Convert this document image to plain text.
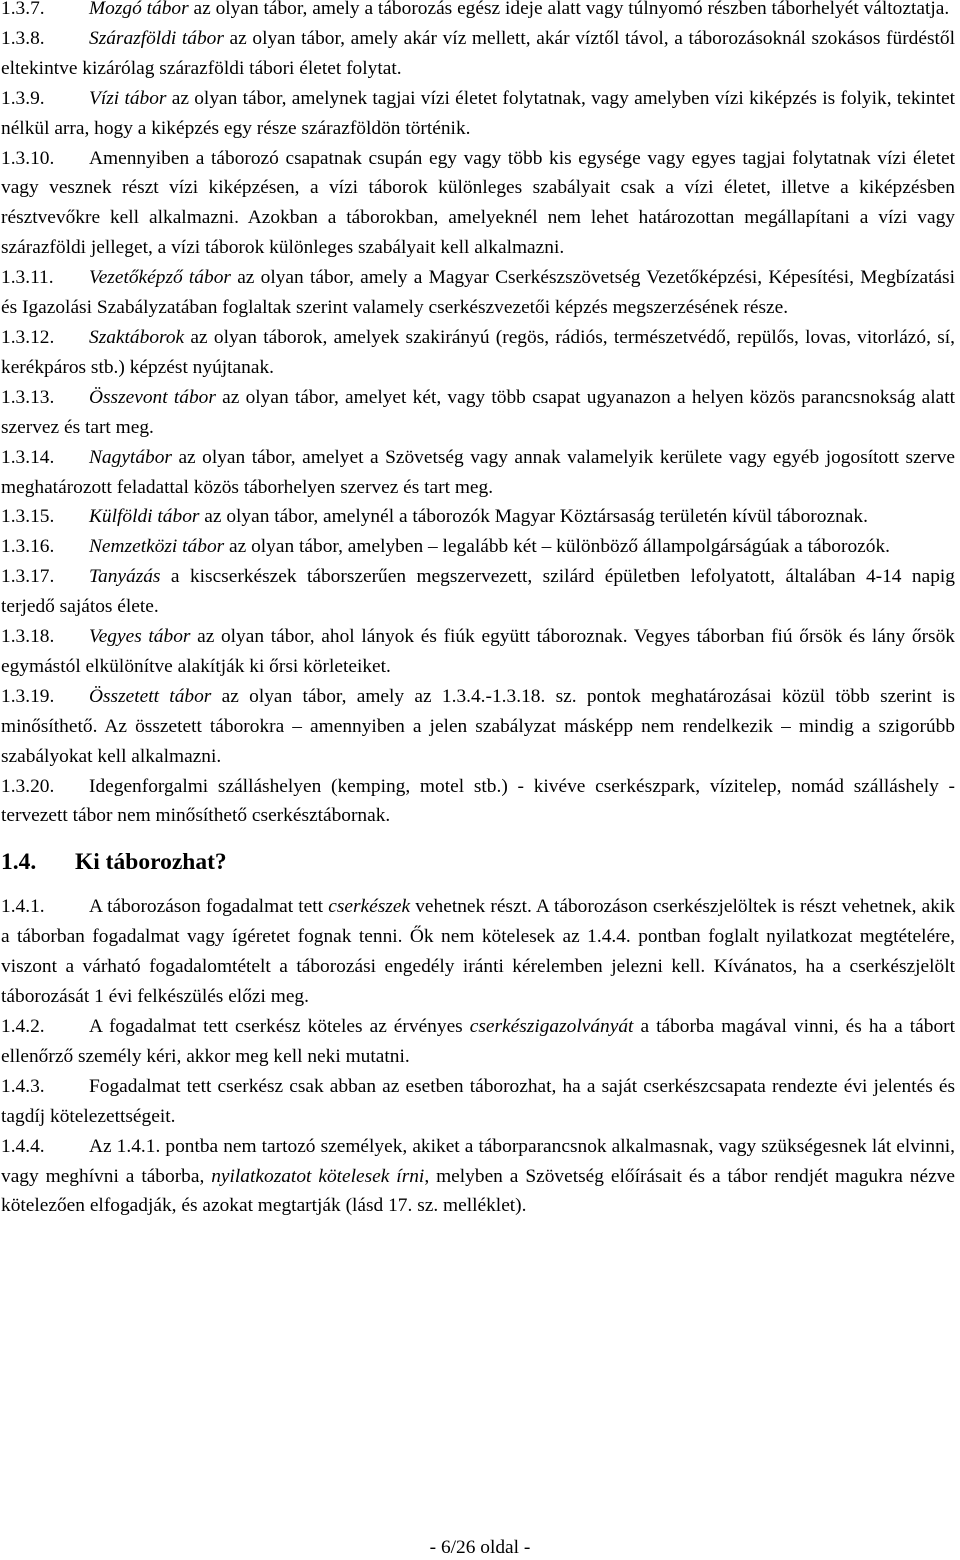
1.3.7. Mozgó tábor az olyan tábor, amely a táborozás egész ideje alatt vagy túlnyomó részben táborhelyét változtatja.

1.3.8. Szárazföldi tábor az olyan tábor, amely akár víz mellett, akár víztől távol, a táborozásoknál szokásos fürdéstől eltekintve kizárólag szárazföldi tábori életet folytat.

1.3.9. Vízi tábor az olyan tábor, amelynek tagjai vízi életet folytatnak, vagy amelyben vízi kiképzés is folyik, tekintet nélkül arra, hogy a kiképzés egy része szárazföldön történik.

1.3.10. Amennyiben a táborozó csapatnak csupán egy vagy több kis egysége vagy egyes tagjai folytatnak vízi életet vagy vesznek részt vízi kiképzésen, a vízi táborok különleges szabályait csak a vízi életet, illetve a kiképzésben résztvevőkre kell alkalmazni. Azokban a táborokban, amelyeknél nem lehet határozottan megállapítani a vízi vagy szárazföldi jelleget, a vízi táborok különleges szabályait kell alkalmazni.

1.3.11. Vezetőképző tábor az olyan tábor, amely a Magyar Cserkészszövetség Vezetőképzési, Képesítési, Megbízatási és Igazolási Szabályzatában foglaltak szerint valamely cserkészvezetői képzés megszerzésének része.

1.3.12. Szaktáborok az olyan táborok, amelyek szakirányú (regös, rádiós, természetvédő, repülős, lovas, vitorlázó, sí, kerékpáros stb.) képzést nyújtanak.

1.3.13. Összevont tábor az olyan tábor, amelyet két, vagy több csapat ugyanazon a helyen közös parancsnokság alatt szervez és tart meg.

1.3.14. Nagytábor az olyan tábor, amelyet a Szövetség vagy annak valamelyik kerülete vagy egyéb jogosított szerve meghatározott feladattal közös táborhelyen szervez és tart meg.

1.3.15. Külföldi tábor az olyan tábor, amelynél a táborozók Magyar Köztársaság területén kívül táboroznak.

1.3.16. Nemzetközi tábor az olyan tábor, amelyben – legalább két – különböző állampolgárságúak a táborozók.

1.3.17. Tanyázás a kiscserkészek táborszerűen megszervezett, szilárd épületben lefolyatott, általában 4-14 napig terjedő sajátos élete.

1.3.18. Vegyes tábor az olyan tábor, ahol lányok és fiúk együtt táboroznak. Vegyes táborban fiú őrsök és lány őrsök egymástól elkülönítve alakítják ki őrsi körleteiket.

1.3.19. Összetett tábor az olyan tábor, amely az 1.3.4.-1.3.18. sz. pontok meghatározásai közül több szerint is minősíthető. Az összetett táborokra – amennyiben a jelen szabályzat másképp nem rendelkezik – mindig a szigorúbb szabályokat kell alkalmazni.

1.3.20. Idegenforgalmi szálláshelyen (kemping, motel stb.) - kivéve cserkészpark, vízitelep, nomád szálláshely - tervezett tábor nem minősíthető cserkésztábornak.

1.4. Ki táborozhat?

1.4.1. A táborozáson fogadalmat tett cserkészek vehetnek részt. A táborozáson cserkészjelöltek is részt vehetnek, akik a táborban fogadalmat vagy ígéretet fognak tenni. Ők nem kötelesek az 1.4.4. pontban foglalt nyilatkozat megtételére, viszont a várható fogadalomtételt a táborozási engedély iránti kérelemben jelezni kell. Kívánatos, ha a cserkészjelölt táborozását 1 évi felkészülés előzi meg.

1.4.2. A fogadalmat tett cserkész köteles az érvényes cserkészigazolványát a táborba magával vinni, és ha a tábort ellenőrző személy kéri, akkor meg kell neki mutatni.

1.4.3. Fogadalmat tett cserkész csak abban az esetben táborozhat, ha a saját cserkészcsapata rendezte évi jelentés és tagdíj kötelezettségeit.

1.4.4. Az 1.4.1. pontba nem tartozó személyek, akiket a táborparancsnok alkalmasnak, vagy szükségesnek lát elvinni, vagy meghívni a táborba, nyilatkozatot kötelesek írni, melyben a Szövetség előírásait és a tábor rendjét magukra nézve kötelezően elfogadják, és azokat megtartják (lásd 17. sz. melléklet).

- 6/26 oldal -
